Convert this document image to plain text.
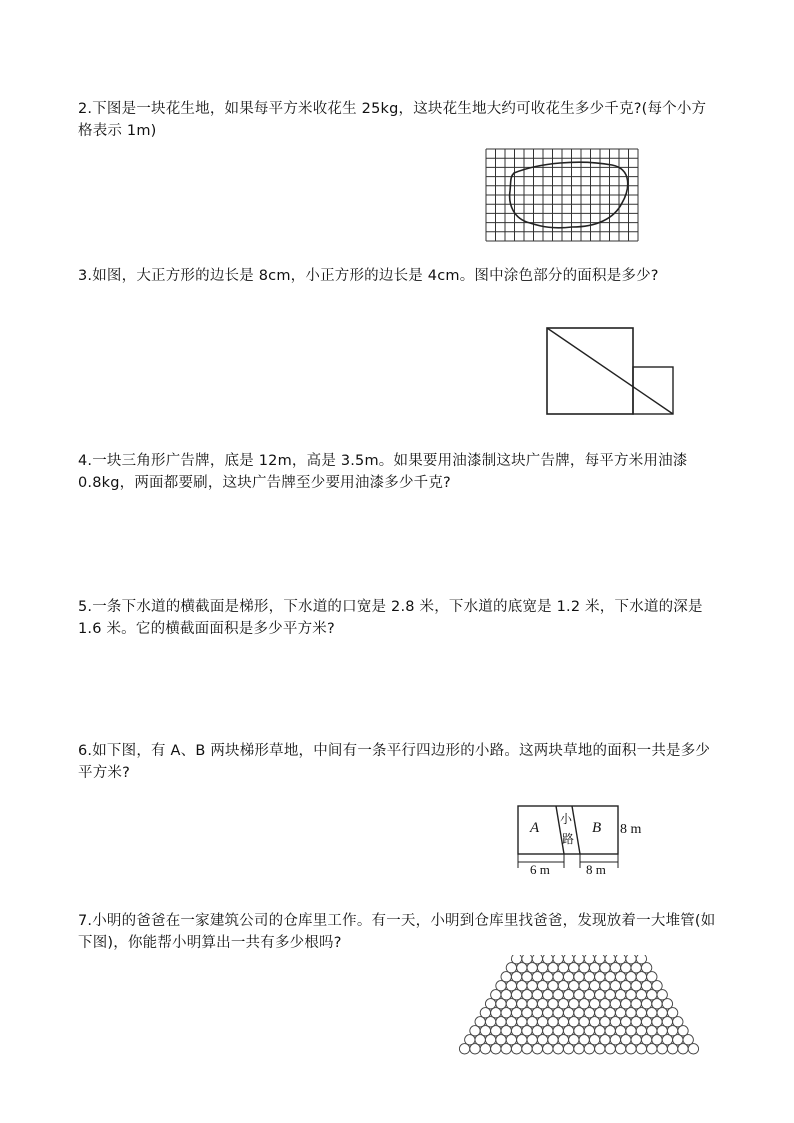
2.下图是一块花生地，如果每平方米收花生 25kg，这块花生地大约可收花生多少千克?(每个小方格表示 1m)
3.如图，大正方形的边长是 8cm，小正方形的边长是 4cm。图中涂色部分的面积是多少?
4.一块三角形广告牌，底是 12m，高是 3.5m。如果要用油漆制这块广告牌，每平方米用油漆 0.8kg，两面都要刷，这块广告牌至少要用油漆多少千克?
5.一条下水道的横截面是梯形，下水道的口宽是 2.8 米，下水道的底宽是 1.2 米，下水道的深是 1.6 米。它的横截面面积是多少平方米?
6.如下图，有 A、B 两块梯形草地，中间有一条平行四边形的小路。这两块草地的面积一共是多少平方米?
A
小
路
B 8 m
6 m	8 m
7.小明的爸爸在一家建筑公司的仓库里工作。有一天，小明到仓库里找爸爸，发现放着一大堆管(如下图)，你能帮小明算出一共有多少根吗?
